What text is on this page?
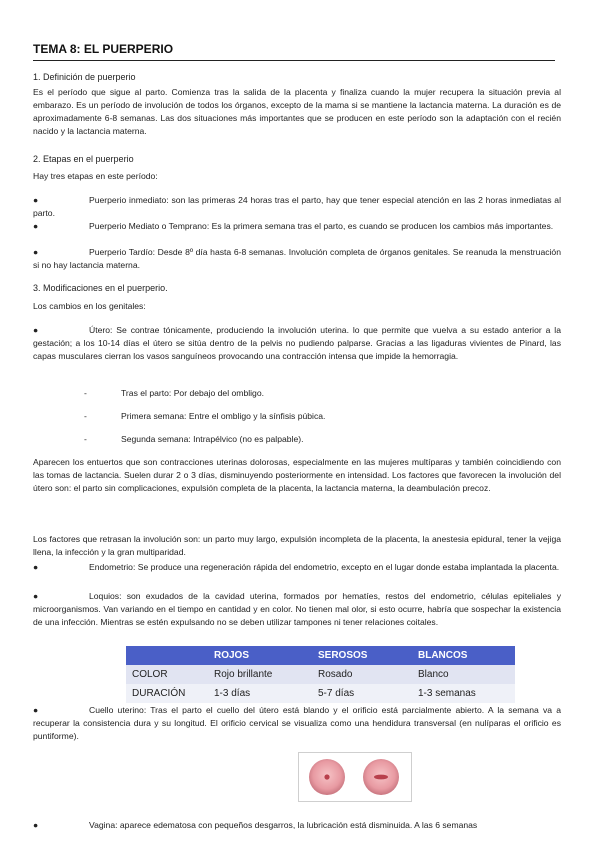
TEMA 8: EL PUERPERIO
1. Definición de puerperio
Es el período que sigue al parto. Comienza tras la salida de la placenta y finaliza cuando la mujer recupera la situación previa al embarazo. Es un período de involución de todos los órganos, excepto de la mama si se mantiene la lactancia materna. La duración es de aproximadamente 6-8 semanas. Las dos situaciones más importantes que se producen en este período son la adaptación con el recién nacido y la lactancia materna.
2. Etapas en el puerperio
Hay tres etapas en este período:
●	Puerperio inmediato: son las primeras 24 horas tras el parto, hay que tener especial atención en las 2 horas inmediatas al parto.
●	Puerperio Mediato o Temprano: Es la primera semana tras el parto, es cuando se producen los cambios más importantes.
●	Puerperio Tardío: Desde 8º día hasta 6-8 semanas. Involución completa de órganos genitales. Se reanuda la menstruación si no hay lactancia materna.
3. Modificaciones en el puerperio.
Los cambios en los genitales:
●	Útero: Se contrae tónicamente, produciendo la involución uterina. lo que permite que vuelva a su estado anterior a la gestación; a los 10-14 días el útero se sitúa dentro de la pelvis no pudiendo palparse. Gracias a las ligaduras vivientes de Pinard, las capas musculares cierran los vasos sanguíneos provocando una contracción intensa que impide la hemorragia.
-	Tras el parto: Por debajo del ombligo.
-	Primera semana: Entre el ombligo y la sínfisis púbica.
-	Segunda semana: Intrapélvico (no es palpable).
Aparecen los entuertos que son contracciones uterinas dolorosas, especialmente en las mujeres multíparas y también coincidiendo con las tomas de lactancia. Suelen durar 2 o 3 días, disminuyendo posteriormente en intensidad. Los factores que favorecen la involución del útero son: el parto sin complicaciones, expulsión completa de la placenta, la lactancia materna, la deambulación precoz.
Los factores que retrasan la involución son: un parto muy largo, expulsión incompleta de la placenta, la anestesia epidural, tener la vejiga llena, la infección y la gran multiparidad.
●	Endometrio: Se produce una regeneración rápida del endometrio, excepto en el lugar donde estaba implantada la placenta.
●	Loquios: son exudados de la cavidad uterina, formados por hematíes, restos del endometrio, células epiteliales y microorganismos. Van variando en el tiempo en cantidad y en color. No tienen mal olor, si esto ocurre, habría que sospechar la existencia de una infección. Mientras se estén expulsando no se deben utilizar tampones ni tener relaciones coitales.
	ROJOS	SEROSOS	BLANCOS
COLOR	Rojo brillante	Rosado	Blanco
DURACIÓN	1-3 días	5-7 días	1-3 semanas
●	Cuello uterino: Tras el parto el cuello del útero está blando y el orificio está parcialmente abierto. A la semana va a recuperar la consistencia dura y su longitud. El orificio cervical se visualiza como una hendidura transversal (en nulíparas el orificio es puntiforme).
●	Vagina: aparece edematosa con pequeños desgarros, la lubricación está disminuida. A las 6 semanas
